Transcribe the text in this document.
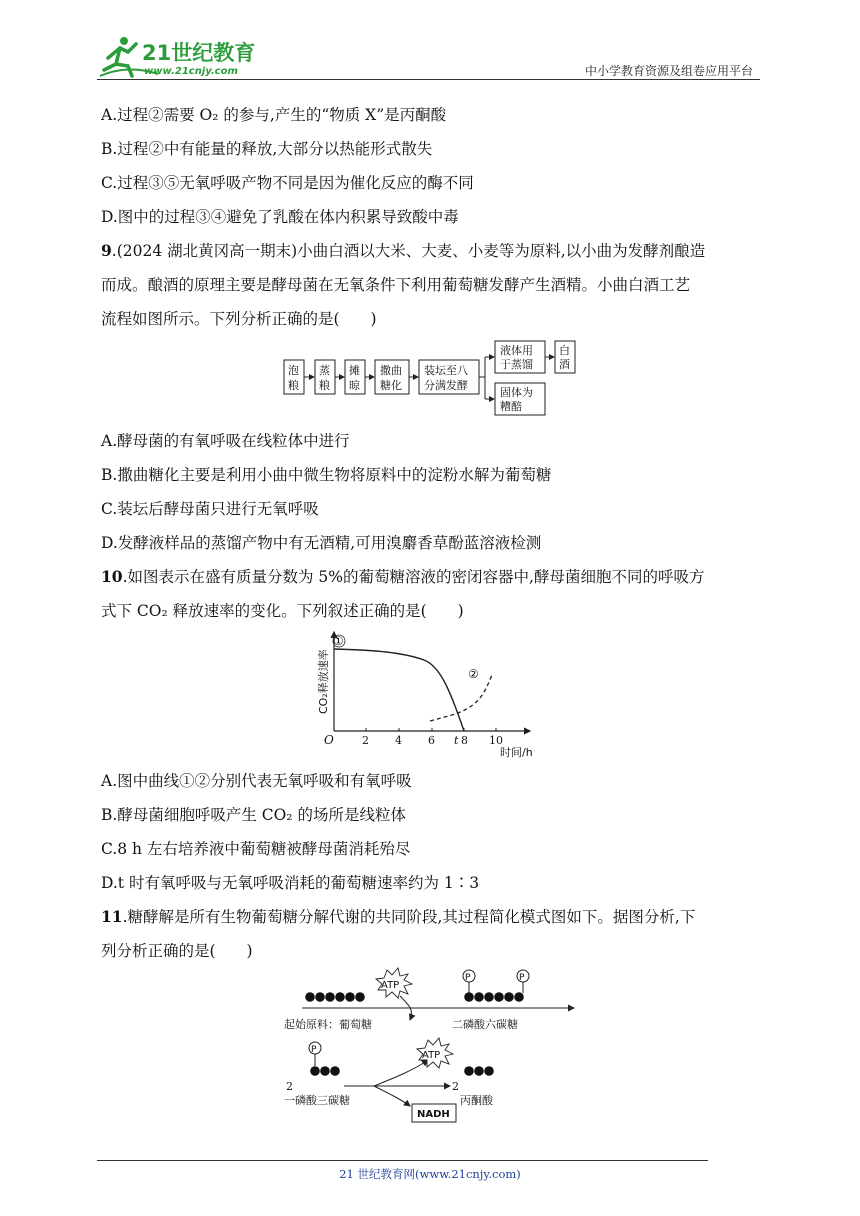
21世纪教育
www.21cnjy.com	中小学教育资源及组卷应用平台
A.过程②需要 O₂ 的参与,产生的“物质 X”是丙酮酸
B.过程②中有能量的释放,大部分以热能形式散失
C.过程③⑤无氧呼吸产物不同是因为催化反应的酶不同
D.图中的过程③④避免了乳酸在体内积累导致酸中毒
9.(2024 湖北黄冈高一期末)小曲白酒以大米、大麦、小麦等为原料,以小曲为发酵剂酿造
而成。酿酒的原理主要是酵母菌在无氧条件下利用葡萄糖发酵产生酒精。小曲白酒工艺
流程如图所示。下列分析正确的是(　　)
泡
粮
蒸
粮
摊
晾
撒曲
糖化
装坛至八
分满发酵
液体用
于蒸馏
白
酒
固体为
糟醅
A.酵母菌的有氧呼吸在线粒体中进行
B.撒曲糖化主要是利用小曲中微生物将原料中的淀粉水解为葡萄糖
C.装坛后酵母菌只进行无氧呼吸
D.发酵液样品的蒸馏产物中有无酒精,可用溴麝香草酚蓝溶液检测
10.如图表示在盛有质量分数为 5%的葡萄糖溶液的密闭容器中,酵母菌细胞不同的呼吸方
式下 CO₂ 释放速率的变化。下列叙述正确的是(　　)
CO₂释放速率
O	2 4 6 t 8 10
时间/h
①
②
A.图中曲线①②分别代表无氧呼吸和有氧呼吸
B.酵母菌细胞呼吸产生 CO₂ 的场所是线粒体
C.8 h 左右培养液中葡萄糖被酵母菌消耗殆尽
D.t 时有氧呼吸与无氧呼吸消耗的葡萄糖速率约为 1∶3
11.糖酵解是所有生物葡萄糖分解代谢的共同阶段,其过程简化模式图如下。据图分析,下
列分析正确的是(　　)
ATP
起始原料：葡萄糖
P	P
二磷酸六碳糖
P
2
一磷酸三碳糖
ATP
2
丙酮酸
NADH
21 世纪教育网(www.21cnjy.com)
